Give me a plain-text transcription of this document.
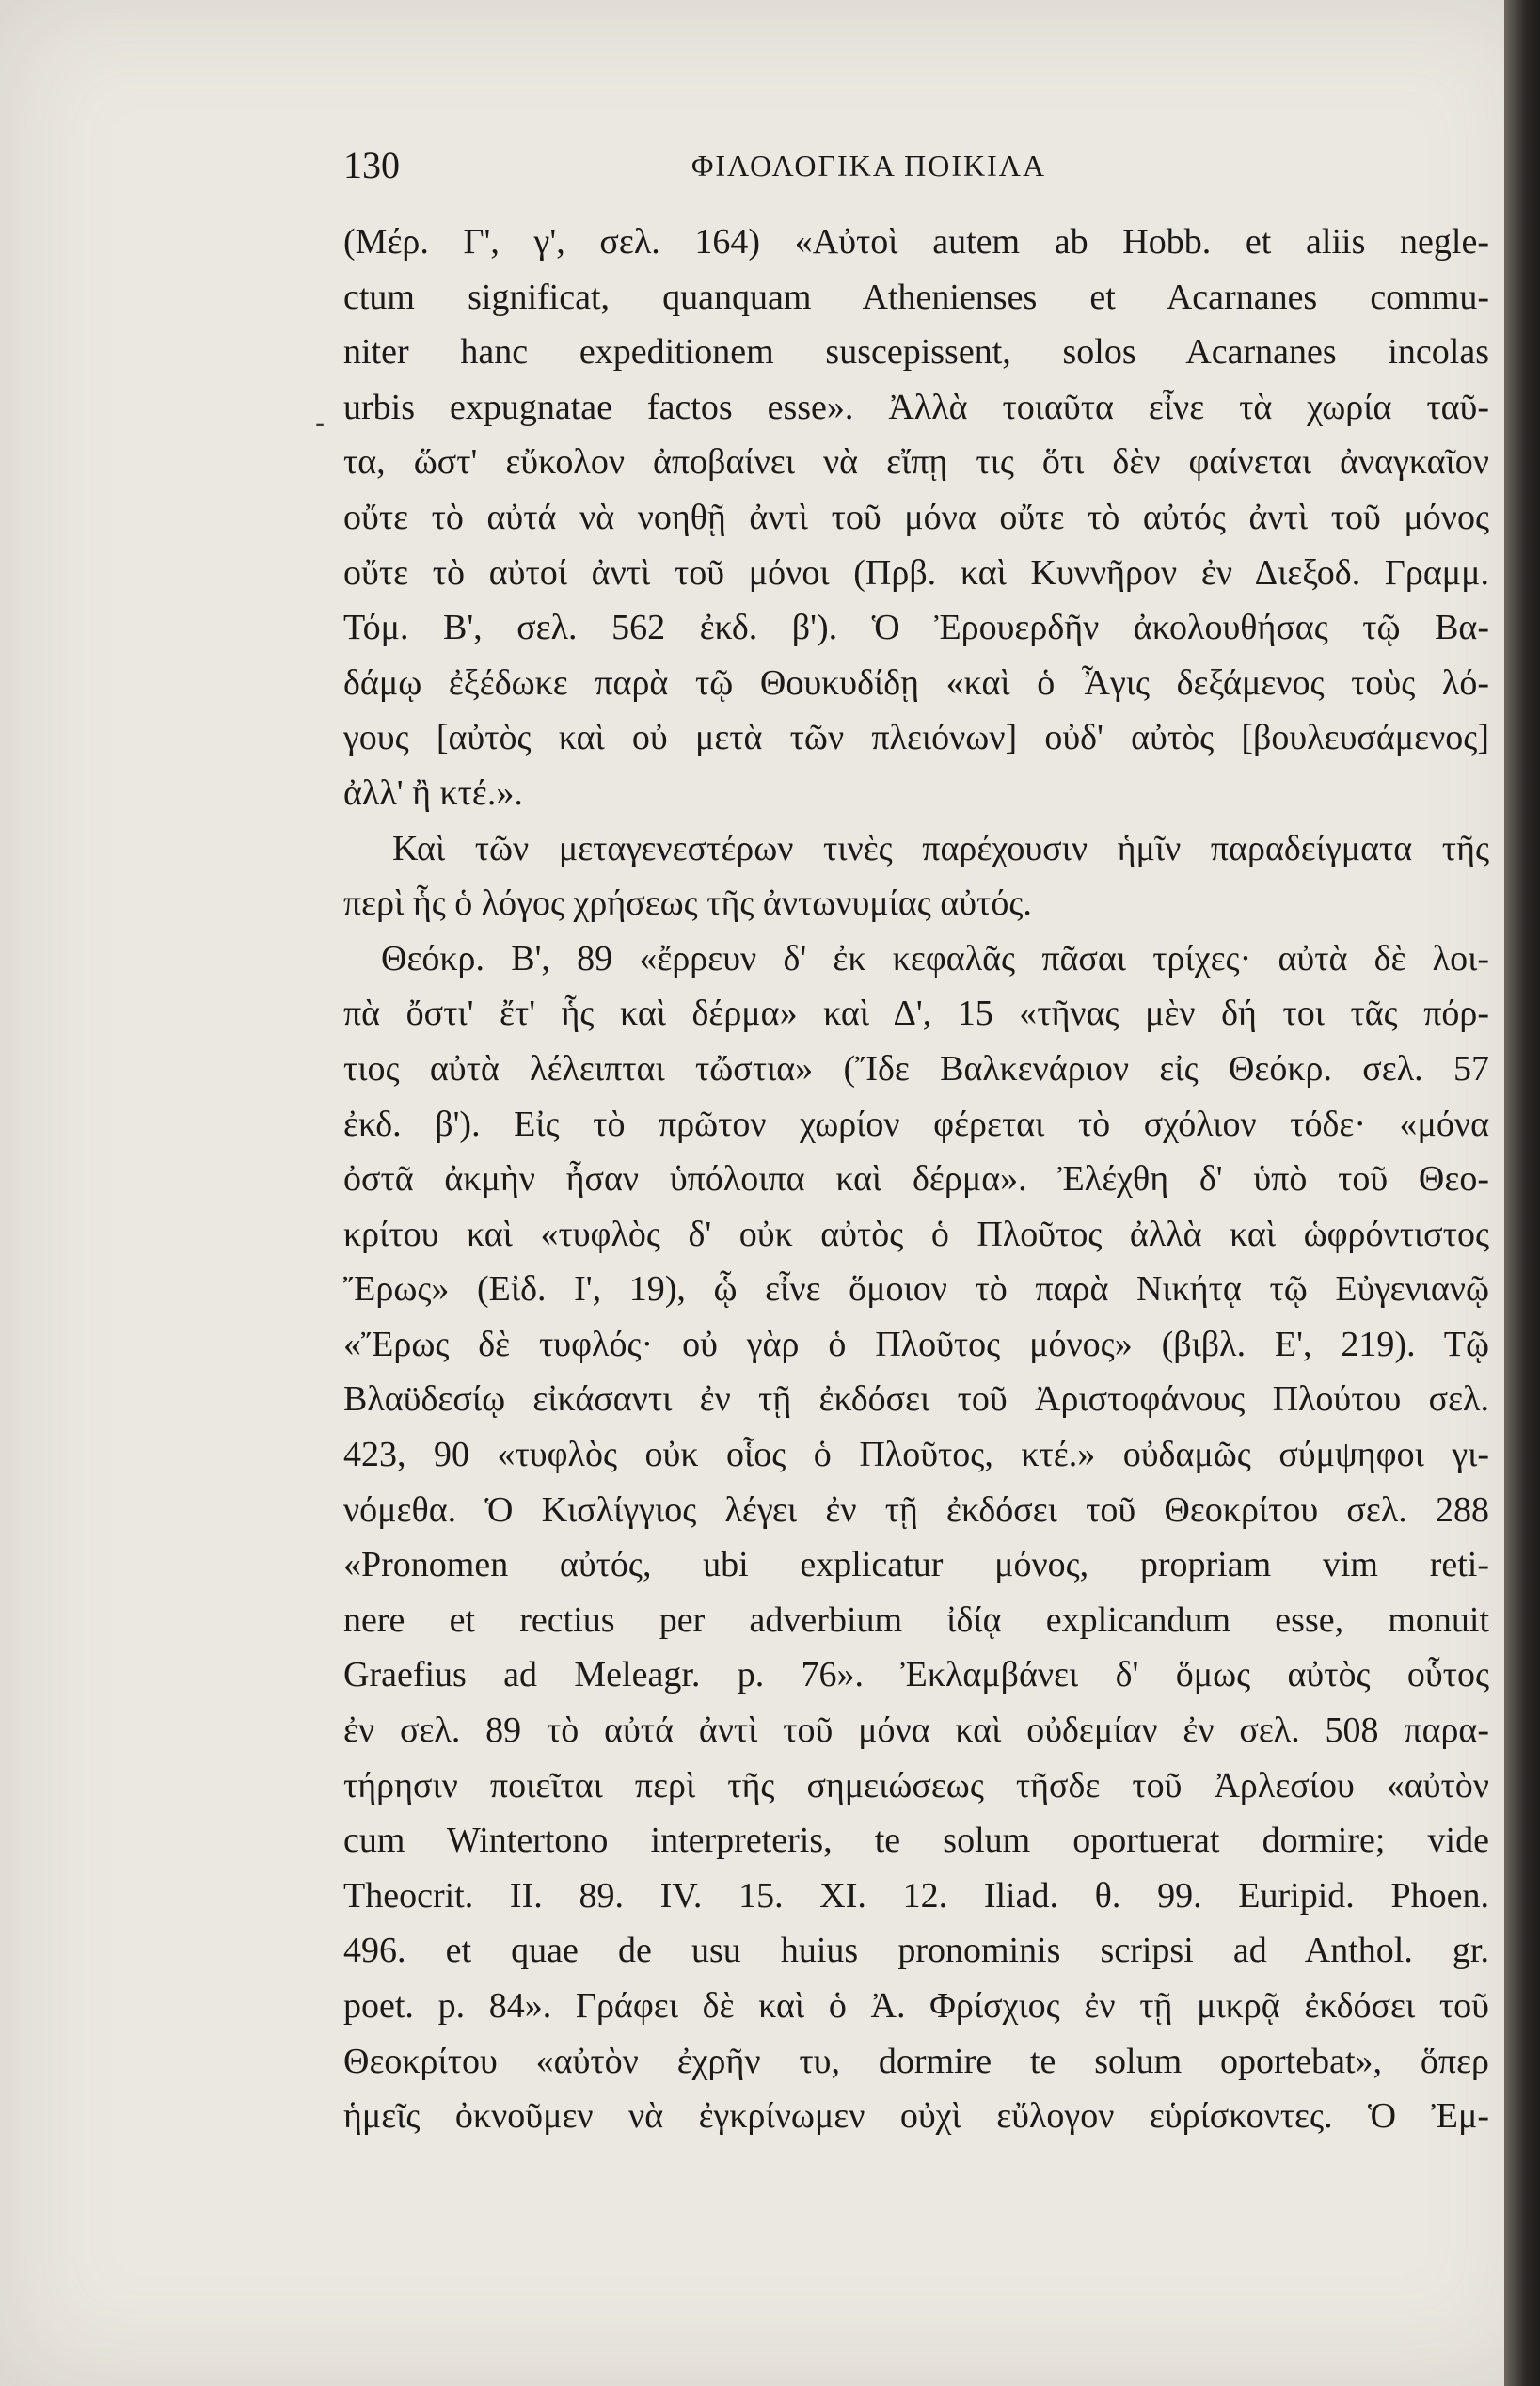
130	ΦΙΛΟΛΟΓΙΚΑ ΠΟΙΚΙΛΑ
-
(Μέρ. Γ', γ', σελ. 164) «Αὐτοὶ autem ab Hobb. et aliis negle-
ctum significat, quanquam Athenienses et Acarnanes commu-
niter hanc expeditionem suscepissent, solos Acarnanes incolas
urbis expugnatae factos esse». Ἀλλὰ τοιαῦτα εἶνε τὰ χωρία ταῦ-
τα, ὥστ' εὔκολον ἀποβαίνει νὰ εἴπῃ τις ὅτι δὲν φαίνεται ἀναγκαῖον
οὔτε τὸ αὐτά νὰ νοηθῇ ἀντὶ τοῦ μόνα οὔτε τὸ αὐτός ἀντὶ τοῦ μόνος
οὔτε τὸ αὐτοί ἀντὶ τοῦ μόνοι (Πρβ. καὶ Κυννῆρον ἐν Διεξοδ. Γραμμ.
Τόμ. Β', σελ. 562 ἐκδ. β'). Ὁ Ἐρουερδῆν ἀκολουθήσας τῷ Βα-
δάμῳ ἐξέδωκε παρὰ τῷ Θουκυδίδῃ «καὶ ὁ Ἆγις δεξάμενος τοὺς λό-
γους [αὐτὸς καὶ οὐ μετὰ τῶν πλειόνων] οὐδ' αὐτὸς [βουλευσάμενος]
ἀλλ' ἢ κτέ.».
Καὶ τῶν μεταγενεστέρων τινὲς παρέχουσιν ἡμῖν παραδείγματα τῆς
περὶ ἧς ὁ λόγος χρήσεως τῆς ἀντωνυμίας αὐτός.
Θεόκρ. Β', 89 «ἔρρευν δ' ἐκ κεφαλᾶς πᾶσαι τρίχες· αὐτὰ δὲ λοι-
πὰ ὄστι' ἔτ' ἧς καὶ δέρμα» καὶ Δ', 15 «τῆνας μὲν δή τοι τᾶς πόρ-
τιος αὐτὰ λέλειπται τὤστια» (Ἴδε Βαλκενάριον εἰς Θεόκρ. σελ. 57
ἐκδ. β'). Εἰς τὸ πρῶτον χωρίον φέρεται τὸ σχόλιον τόδε· «μόνα
ὀστᾶ ἀκμὴν ἦσαν ὑπόλοιπα καὶ δέρμα». Ἐλέχθη δ' ὑπὸ τοῦ Θεο-
κρίτου καὶ «τυφλὸς δ' οὐκ αὐτὸς ὁ Πλοῦτος ἀλλὰ καὶ ὡφρόντιστος
Ἔρως» (Εἰδ. Ι', 19), ᾧ εἶνε ὅμοιον τὸ παρὰ Νικήτᾳ τῷ Εὐγενιανῷ
«Ἔρως δὲ τυφλός· οὐ γὰρ ὁ Πλοῦτος μόνος» (βιβλ. Ε', 219). Τῷ
Βλαϋδεσίῳ εἰκάσαντι ἐν τῇ ἐκδόσει τοῦ Ἀριστοφάνους Πλούτου σελ.
423, 90 «τυφλὸς οὐκ οἷος ὁ Πλοῦτος, κτέ.» οὐδαμῶς σύμψηφοι γι-
νόμεθα. Ὁ Κισλίγγιος λέγει ἐν τῇ ἐκδόσει τοῦ Θεοκρίτου σελ. 288
«Pronomen αὐτός, ubi explicatur μόνος, propriam vim reti-
nere et rectius per adverbium ἰδίᾳ explicandum esse, monuit
Graefius ad Meleagr. p. 76». Ἐκλαμβάνει δ' ὅμως αὐτὸς οὗτος
ἐν σελ. 89 τὸ αὐτά ἀντὶ τοῦ μόνα καὶ οὐδεμίαν ἐν σελ. 508 παρα-
τήρησιν ποιεῖται περὶ τῆς σημειώσεως τῆσδε τοῦ Ἀρλεσίου «αὐτὸν
cum Wintertono interpreteris, te solum oportuerat dormire; vide
Theocrit. II. 89. IV. 15. XI. 12. Iliad. θ. 99. Euripid. Phoen.
496. et quae de usu huius pronominis scripsi ad Anthol. gr.
poet. p. 84». Γράφει δὲ καὶ ὁ Ἀ. Φρίσχιος ἐν τῇ μικρᾷ ἐκδόσει τοῦ
Θεοκρίτου «αὐτὸν ἐχρῆν τυ, dormire te solum oportebat», ὅπερ
ἡμεῖς ὀκνοῦμεν νὰ ἐγκρίνωμεν οὐχὶ εὔλογον εὑρίσκοντες. Ὁ Ἐμ-
